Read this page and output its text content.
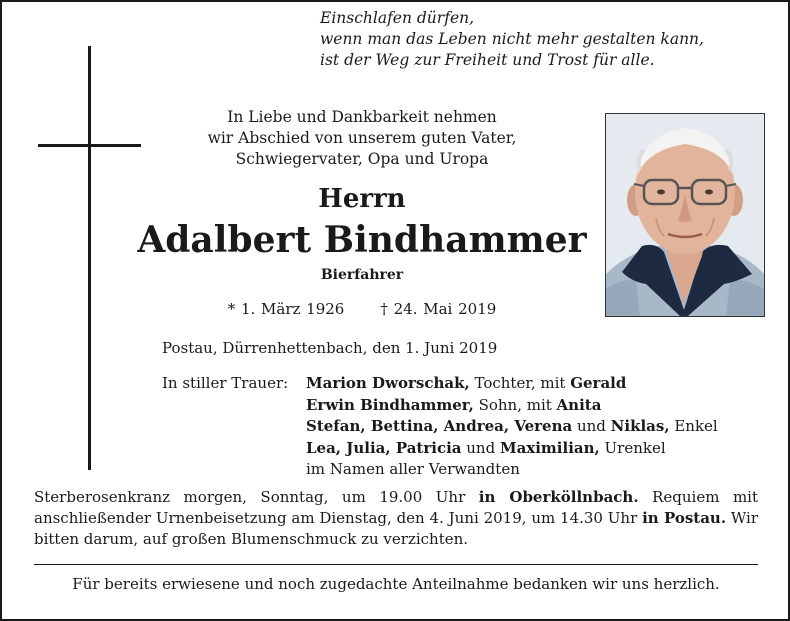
Einschlafen dürfen,
wenn man das Leben nicht mehr gestalten kann,
ist der Weg zur Freiheit und Trost für alle.
In Liebe und Dankbarkeit nehmen
wir Abschied von unserem guten Vater,
Schwiegervater, Opa und Uropa
Herrn
Adalbert Bindhammer
Bierfahrer
* 1. März 1926 † 24. Mai 2019
Postau, Dürrenhettenbach, den 1. Juni 2019
In stiller Trauer: Marion Dworschak, Tochter, mit Gerald
Erwin Bindhammer, Sohn, mit Anita
Stefan, Bettina, Andrea, Verena und Niklas, Enkel
Lea, Julia, Patricia und Maximilian, Urenkel
im Namen aller Verwandten
Sterberosenkranz morgen, Sonntag, um 19.00 Uhr in Oberköllnbach. Requiem mit anschließender Urnenbeisetzung am Dienstag, den 4. Juni 2019, um 14.30 Uhr in Postau. Wir bitten darum, auf großen Blumenschmuck zu verzichten.
Für bereits erwiesene und noch zugedachte Anteilnahme bedanken wir uns herzlich.
